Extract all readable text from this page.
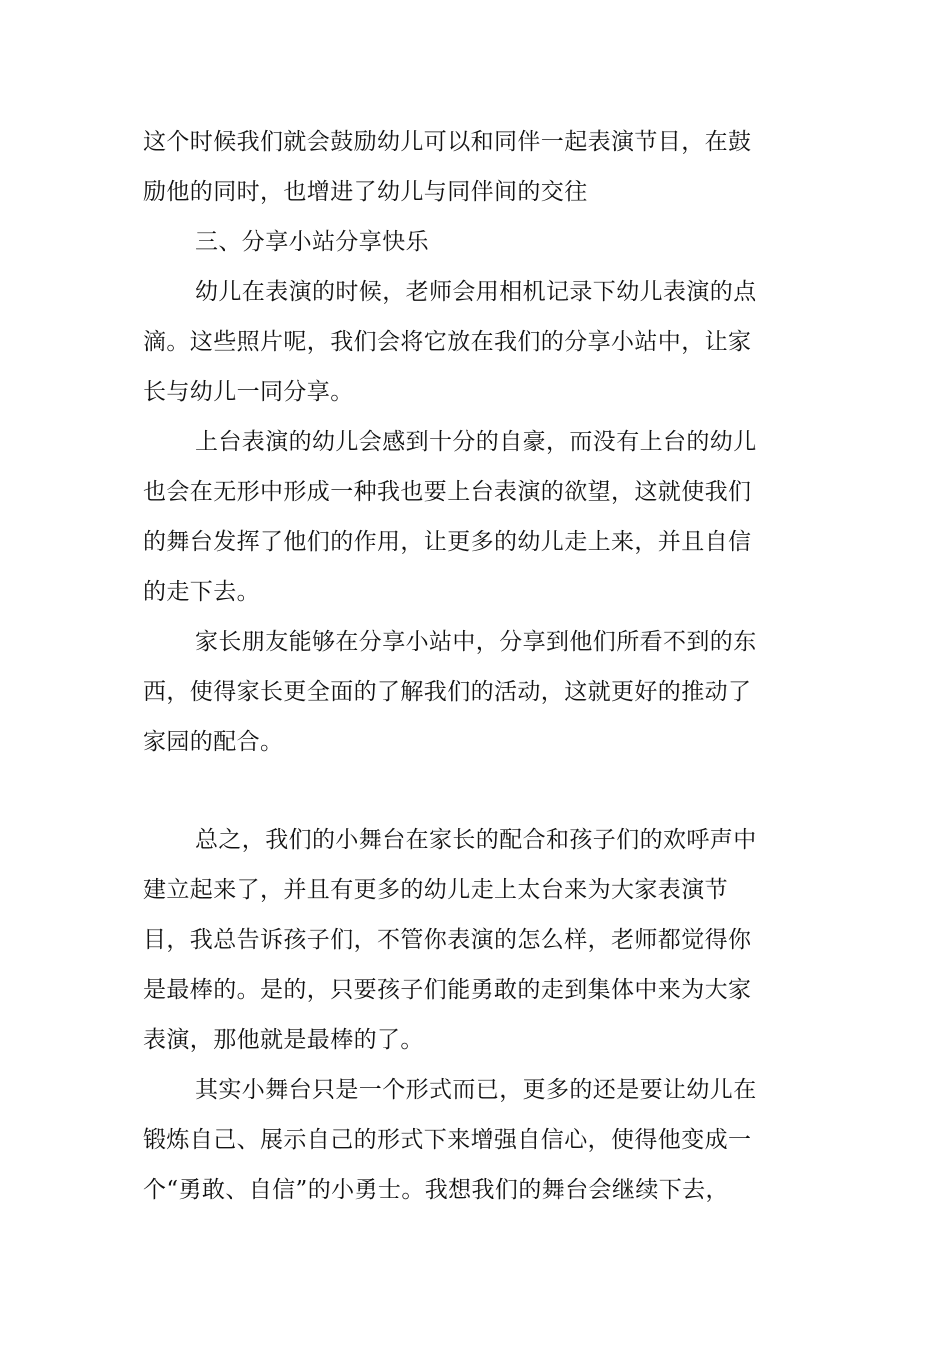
这个时候我们就会鼓励幼儿可以和同伴一起表演节目，在鼓
励他的同时，也增进了幼儿与同伴间的交往
三、分享小站分享快乐
幼儿在表演的时候，老师会用相机记录下幼儿表演的点
滴。这些照片呢，我们会将它放在我们的分享小站中，让家
长与幼儿一同分享。
上台表演的幼儿会感到十分的自豪，而没有上台的幼儿
也会在无形中形成一种我也要上台表演的欲望，这就使我们
的舞台发挥了他们的作用，让更多的幼儿走上来，并且自信
的走下去。
家长朋友能够在分享小站中，分享到他们所看不到的东
西，使得家长更全面的了解我们的活动，这就更好的推动了
家园的配合。
总之，我们的小舞台在家长的配合和孩子们的欢呼声中
建立起来了，并且有更多的幼儿走上太台来为大家表演节
目，我总告诉孩子们，不管你表演的怎么样，老师都觉得你
是最棒的。是的，只要孩子们能勇敢的走到集体中来为大家
表演，那他就是最棒的了。
其实小舞台只是一个形式而已，更多的还是要让幼儿在
锻炼自己、展示自己的形式下来增强自信心，使得他变成一
个“勇敢、自信”的小勇士。我想我们的舞台会继续下去，
